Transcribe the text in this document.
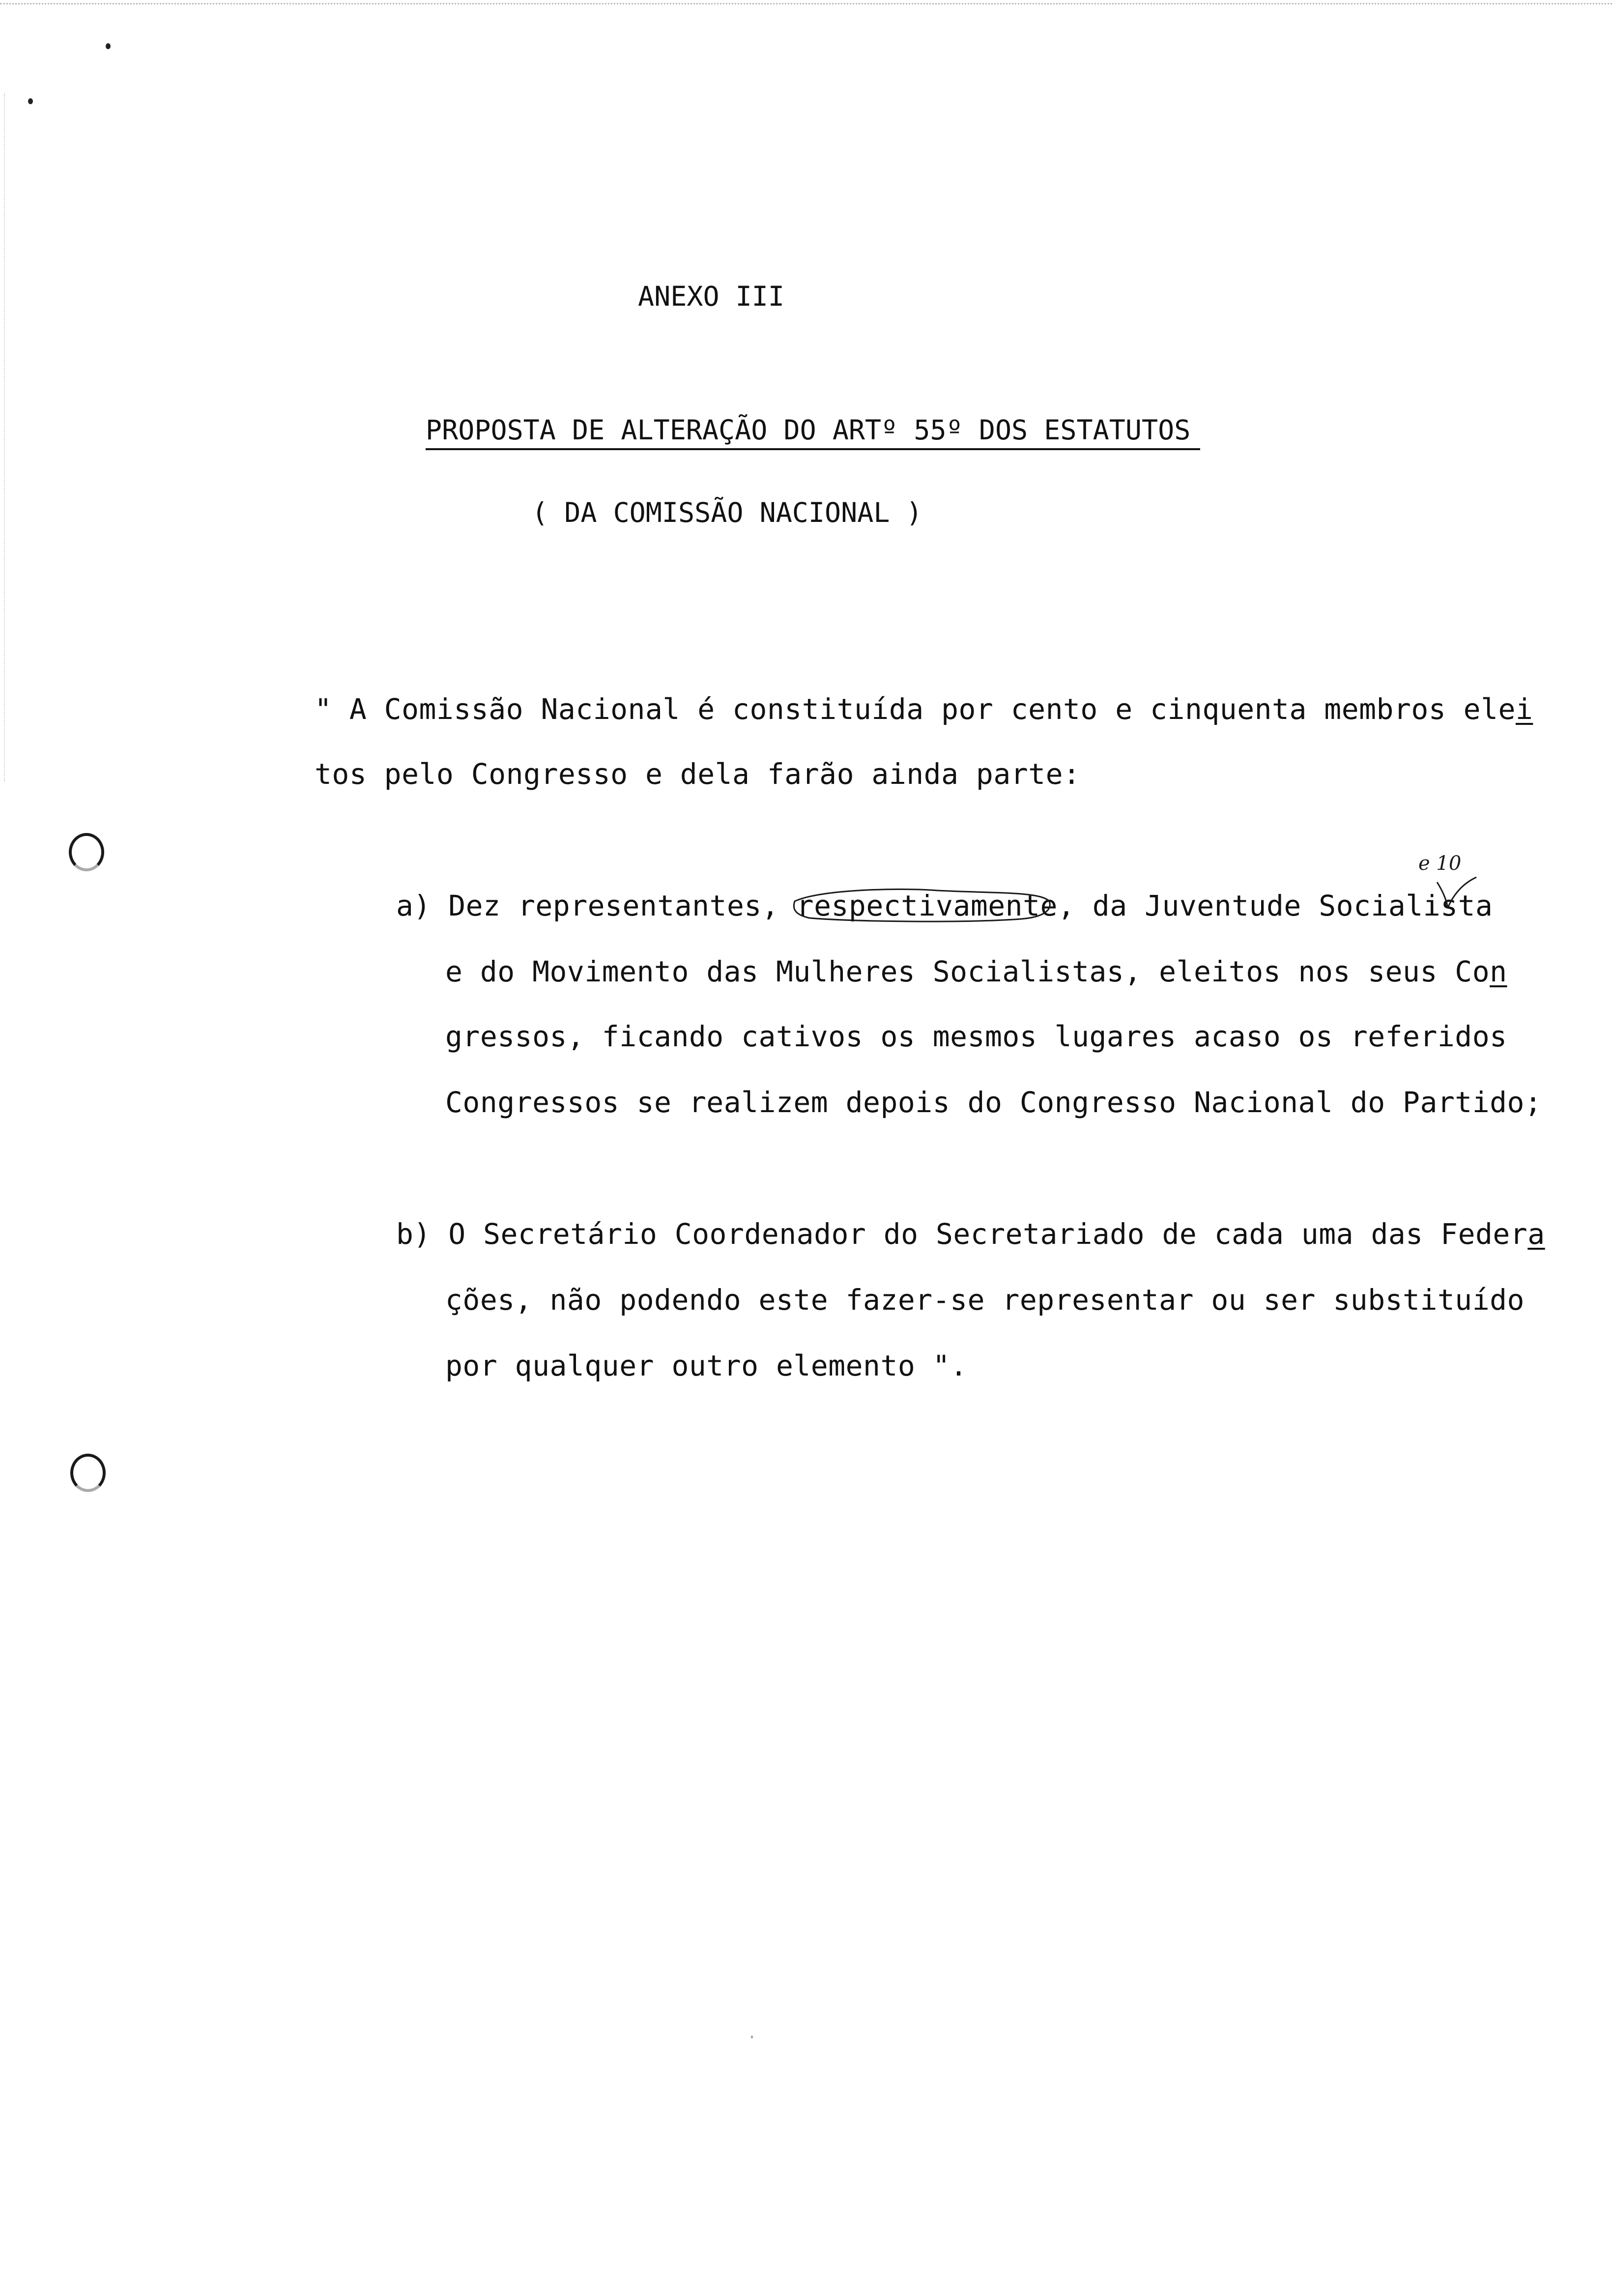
ANEXO III

PROPOSTA DE ALTERAÇÃO DO ARTº 55º DOS ESTATUTOS

( DA COMISSÃO NACIONAL )

" A Comissão Nacional é constituída por cento e cinquenta membros elei

tos pelo Congresso e dela farão ainda parte:

a) Dez representantes, respectivamente
, da Juventude Socialista

e do Movimento das Mulheres Socialistas, eleitos nos seus Con

gressos, ficando cativos os mesmos lugares acaso os referidos

Congressos se realizem depois do Congresso Nacional do Partido;

e 10

b) O Secretário Coordenador do Secretariado de cada uma das Federa

ções, não podendo este fazer-se representar ou ser substituído

por qualquer outro elemento ".
